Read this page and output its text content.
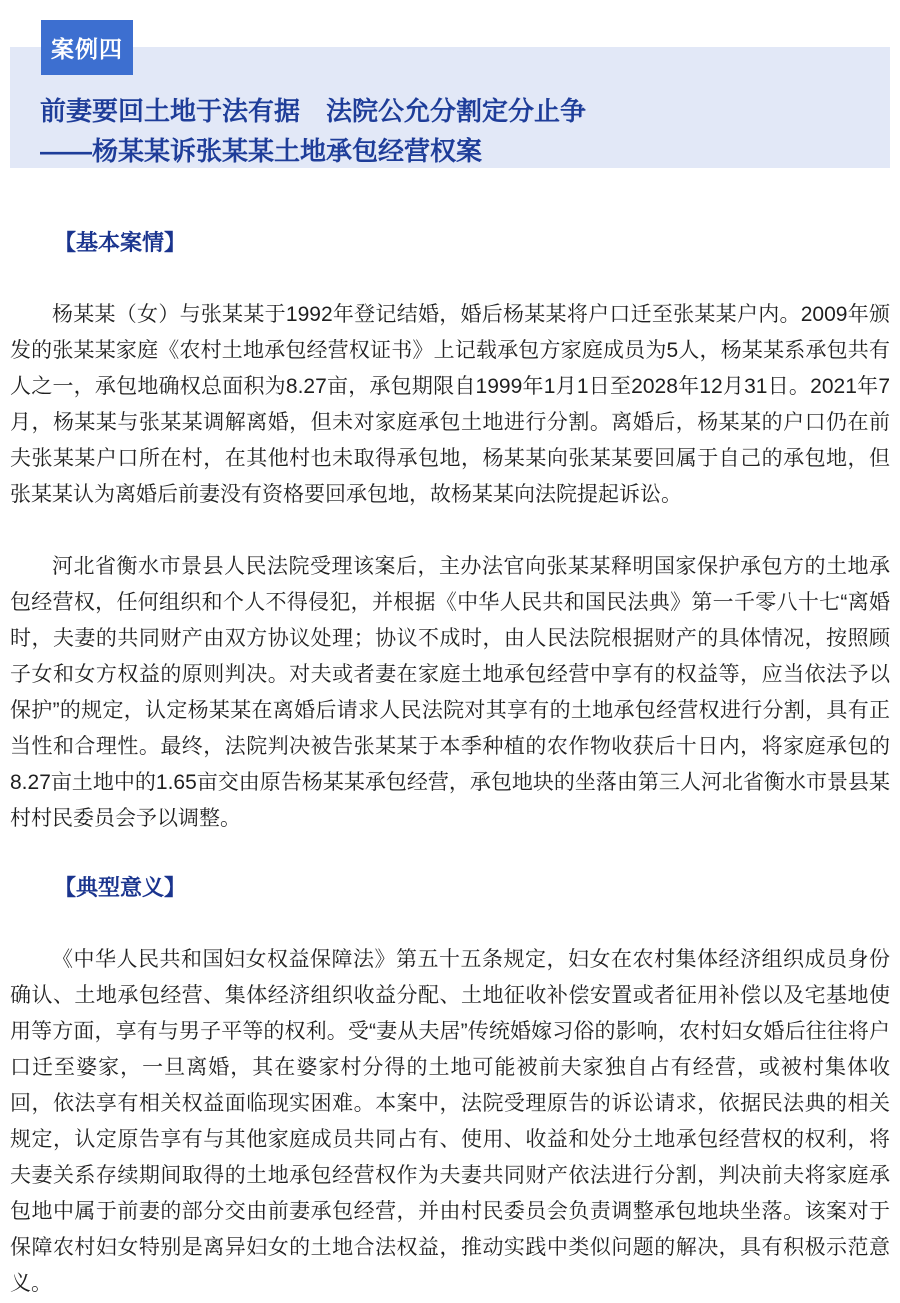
案例四
前妻要回土地于法有据　法院公允分割定分止争
——杨某某诉张某某土地承包经营权案
【基本案情】

杨某某（女）与张某某于1992年登记结婚，婚后杨某某将户口迁至张某某户内。2009年颁发的张某某家庭《农村土地承包经营权证书》上记载承包方家庭成员为5人，杨某某系承包共有人之一，承包地确权总面积为8.27亩，承包期限自1999年1月1日至2028年12月31日。2021年7月，杨某某与张某某调解离婚，但未对家庭承包土地进行分割。离婚后，杨某某的户口仍在前夫张某某户口所在村，在其他村也未取得承包地，杨某某向张某某要回属于自己的承包地，但张某某认为离婚后前妻没有资格要回承包地，故杨某某向法院提起诉讼。

河北省衡水市景县人民法院受理该案后，主办法官向张某某释明国家保护承包方的土地承包经营权，任何组织和个人不得侵犯，并根据《中华人民共和国民法典》第一千零八十七“离婚时，夫妻的共同财产由双方协议处理；协议不成时，由人民法院根据财产的具体情况，按照顾子女和女方权益的原则判决。对夫或者妻在家庭土地承包经营中享有的权益等，应当依法予以保护”的规定，认定杨某某在离婚后请求人民法院对其享有的土地承包经营权进行分割，具有正当性和合理性。最终，法院判决被告张某某于本季种植的农作物收获后十日内，将家庭承包的8.27亩土地中的1.65亩交由原告杨某某承包经营，承包地块的坐落由第三人河北省衡水市景县某村村民委员会予以调整。

【典型意义】

《中华人民共和国妇女权益保障法》第五十五条规定，妇女在农村集体经济组织成员身份确认、土地承包经营、集体经济组织收益分配、土地征收补偿安置或者征用补偿以及宅基地使用等方面，享有与男子平等的权利。受“妻从夫居”传统婚嫁习俗的影响，农村妇女婚后往往将户口迁至婆家，一旦离婚，其在婆家村分得的土地可能被前夫家独自占有经营，或被村集体收回，依法享有相关权益面临现实困难。本案中，法院受理原告的诉讼请求，依据民法典的相关规定，认定原告享有与其他家庭成员共同占有、使用、收益和处分土地承包经营权的权利，将夫妻关系存续期间取得的土地承包经营权作为夫妻共同财产依法进行分割，判决前夫将家庭承包地中属于前妻的部分交由前妻承包经营，并由村民委员会负责调整承包地块坐落。该案对于保障农村妇女特别是离异妇女的土地合法权益，推动实践中类似问题的解决，具有积极示范意义。
